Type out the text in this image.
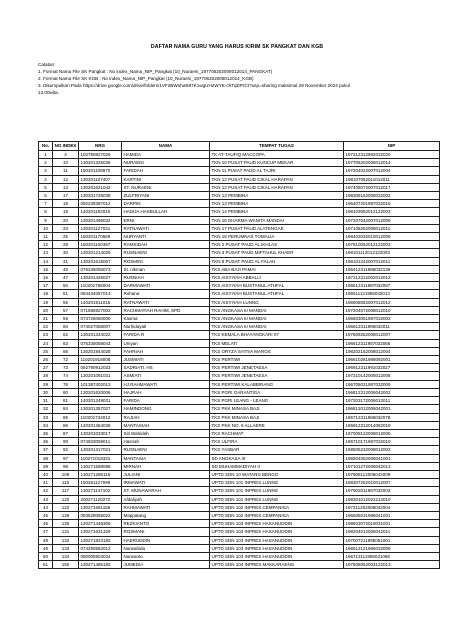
DAFTAR NAMA GURU YANG HARUS KIRIM SK PANGKAT DAN KGB
Catatan:
1. Format Nama File SK Pangkat : No index_Nama_NIP_Pangkat (10_Nuraeni_197706202008012014_PANGKAT)
2. Format Nama File SK KGB : No index_Nama_NIP_Pangkat (10_Nuraeni_197706202008012014_KGB)
3. Dikumpulkan Pada https://drive.google.com/drive/folders/1VF2BWohw587K1wgUH2WYE-chTqDPrCt?usp=sharing maksimal 29 November 2024 pukul
13.00wita.
No.	NO INDEX	NRG	NAMA	TEMPAT TUGAS	NIP
1	4	102790927026	HAMIDA	TK AT-TAUFIQ MACCOPA	197212312992032020
2	10	130201325036	NURAENI	TKN 10 PUSAT PAUD KUNCUP MEKAR	197706202008012014
3	11	150201108970	FARIDAH	TKN 11 PUSAT PAUD AL TAJRI	197204022007012004
4	12	130201127407	KARTINI	TKN 12 PUSAT PAUD CIKAL HARAPAN	198107062011012011
5	13	130201621042	ST. NURAENI	TKN 12 PUSAT PAUD CIKAL HARAPAN	197405072007012017
6	17	130201726038	ZULFRIYANI	TKN 13 PEMBINA	198305162008032002
7	18	092238387012	DARPIN	TKN 13 PEMBINA	196407201987032016
8	19	140201182015	HADIJA HASBULLAH	TKN 14 PEMBINA	198103082012122003
9	20	130201496032	ERNI	TKN 16 DHARMA WANITA MANDAI	197207042007012009
10	23	130201127031	RATNAWATI	TKN 17 PUSAT PAUD ALATENGAE	197108252008012011
11	25	150201170669	NURYANTI	TKN 18 PERUMNAS TOMALIA	198403032010012009
12	28	150201100467	RAMSIDAH	TKN 2 PUSAT PAUD AL IKHLAS	197810052012122003
13	30	130201214029	RUSNAENI	TKN 3 PUSAT PAUD MIFTAHUL KHAER	198101112012122003
14	31	130201615067	ROSMINI	TKN 9 PUSAT PAUD AL FALAH	198101242007012011
15	45	076335056073	St. nikman	TKS ABA BAJI PAMAI	196412311986032136
16	47	130201426027	RUSNIAH	TKS AISYIYAH ABBALIJ	197212312002012012
17	50	110201786004	DARMAWATI	TKS AISYIYAH BUSTANUL ATHFAL	196512311987032087
18	51	084434057013	Rohana	TKS AISYIYAH BUSTANUL ATHFAL	196511121986032013
19	55	140201911015	RATNAWATI	TKS AISYIYAH LUNNG	196908052007012012
20	57	071586927002	RACHMATIAH RAHIM, SPD	TKS ANGKASA III MANDAI	197204072008012010
21	59	073726060006	Kasma	TKS ANGKASA III MANDAI	196803051987032002
22	60	074027058007	Nurhidayati	TKS ANGKASA III MANDAI	196612311986032011
23	62	130201334022	FARIDA.R	TKS KEMALA BHAYANGKARI 07	197609252008012007
24	63	075335058043	Umyan	TKS MELATI	196612311987032066
25	66	130201944028	FAHRIAH	TKS ORYZA SATIVA MAROS	198202152008012004
26	72	110201918008	JUSMIATI	TKS PERTIWI	196610281988092001
27	73	092790912023	SADRIATI. HS	TKS PERTIWI JENETAESA	196912311991032027
28	74	130201091031	ASMIATI	TKS PERTIWI JENETAESA	197210142005012008
29	76	101387402013	HJ.RAHMAWATI	TKS PERTIWI KALABBIRANG	196705031987032005
30	80	130201620006	HAJRAH	TKS PGRI GARANTIGA	196812312006042002
31	81	140201249031	FARIDA	TKS PGRI LEANG - LEANG	197303172006012011
32	84	130201357027	HAMINDONG	TKS PKK MINASA BAJI	196812012006042001
33	85	110201734012	RAJIAH	TKS PKK MINASA BAJI	196712311986032078
34	86	140201364036	MANTASIAH	TKS PKK NO. 6 ALLAERE	196912312014082019
35	87	130201033017	Siti Wahidah	TKS RACHMAT	197009122008012006
36	90	074933059011	Hasnah	TKS ULFIRA	196710171987032010
37	92	130201317021	RUSNAENI	TKS YASBAR	198505232008012002
38	97	110271018331	MANTASIA	SD ANGKASA III	196504052006041001
39	98	130271588098	MIRNAH	SD MUHAMMADIYAH II	197101272006042013
40	108	130271286115	JULIANI	UPTD SDN 10 WATANG BENGO	197906112006042009
41	115	150261127099	IRMAWATI	UPTD SDN 101 INPRES LUNNG	198307252010012007
42	117	130271147102	ST. MUNAWARAH	UPTD SDN 101 INPRES LUNNG	197902011997032003
43	120	200271120272	Afdaliyah	UPTD SDN 101 INPRES LUNNG	199301012022212010
44	122	130271681155	RAHMAWATI	UPTD SDN 102 INPRES CEMPANIGA	197211252006042004
45	128	083528065022	Mappatang	UPTD SDN 102 INPRES CEMPANIGA	196605031986041001
46	130	120271448306	REZKIANTO	UPTD SDN 103 INPRES HASANUDDIN	198603072019031001
47	131	130271631329	ROSMANI	UPTD SDN 103 INPRES HASANUDDIN	198204012006042011
48	132	130271823183	HAERUDDIN	UPTD SDN 103 INPRES HASANUDDIN	197007211995051001
49	133	074290582012	Nurwahida	UPTD SDN 103 INPRES HASANUDDIN	196512121986032009
50	134	080005903034	Nurwanto	UPTD SDN 103 INPRES HASANUDDIN	196713111986031066
51	150	130271485183	JUMEDIA	UPTD SDN 104 INPRES MAKKARAENG	197606062003122013
